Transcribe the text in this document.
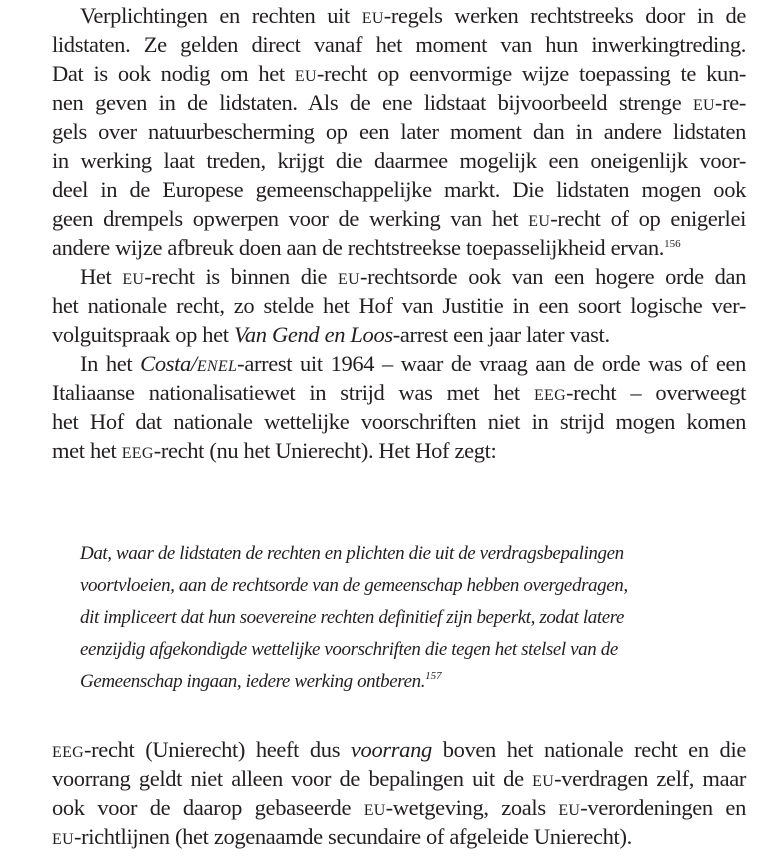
Verplichtingen en rechten uit eu-regels werken rechtstreeks door in de
lidstaten. Ze gelden direct vanaf het moment van hun inwerkingtreding.
Dat is ook nodig om het eu-recht op eenvormige wijze toepassing te kun-
nen geven in de lidstaten. Als de ene lidstaat bijvoorbeeld strenge eu-re-
gels over natuurbescherming op een later moment dan in andere lidstaten
in werking laat treden, krijgt die daarmee mogelijk een oneigenlijk voor-
deel in de Europese gemeenschappelijke markt. Die lidstaten mogen ook
geen drempels opwerpen voor de werking van het eu-recht of op enigerlei
andere wijze afbreuk doen aan de rechtstreekse toepasselijkheid ervan.$^{156}$
Het eu-recht is binnen die eu-rechtsorde ook van een hogere orde dan
het nationale recht, zo stelde het Hof van Justitie in een soort logische ver-
volguitspraak op het Van Gend en Loos-arrest een jaar later vast.
In het Costa/enel-arrest uit 1964 – waar de vraag aan de orde was of een
Italiaanse nationalisatiewet in strijd was met het eeg-recht – overweegt
het Hof dat nationale wettelijke voorschriften niet in strijd mogen komen
met het eeg-recht (nu het Unierecht). Het Hof zegt:
Dat, waar de lidstaten de rechten en plichten die uit de verdragsbepalingen
voortvloeien, aan de rechtsorde van de gemeenschap hebben overgedragen,
dit impliceert dat hun soevereine rechten definitief zijn beperkt, zodat latere
eenzijdig afgekondigde wettelijke voorschriften die tegen het stelsel van de
Gemeenschap ingaan, iedere werking ontberen.$^{157}$
eeg-recht (Unierecht) heeft dus voorrang boven het nationale recht en die
voorrang geldt niet alleen voor de bepalingen uit de eu-verdragen zelf, maar
ook voor de daarop gebaseerde eu-wetgeving, zoals eu-verordeningen en
eu-richtlijnen (het zogenaamde secundaire of afgeleide Unierecht).
